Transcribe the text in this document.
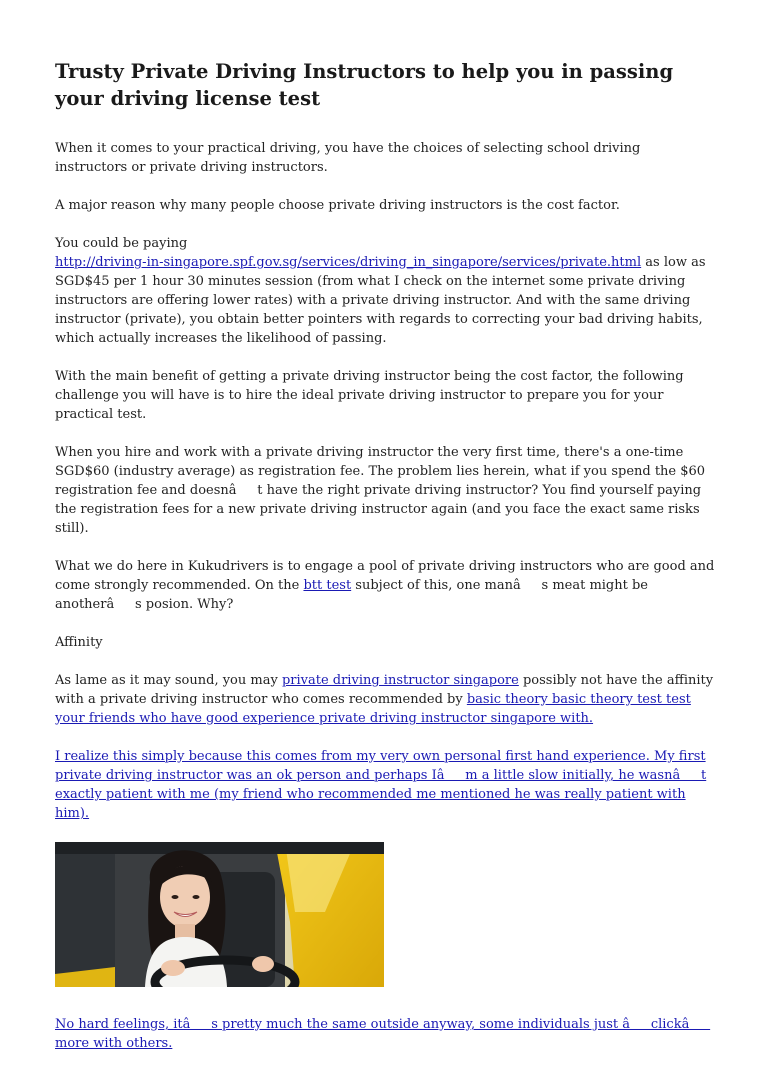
Trusty Private Driving Instructors to help you in passing your driving license test

When it comes to your practical driving, you have the choices of selecting school driving instructors or private driving instructors.

A major reason why many people choose private driving instructors is the cost factor.

You could be paying
http://driving-in-singapore.spf.gov.sg/services/driving_in_singapore/services/private.html as low as SGD$45 per 1 hour 30 minutes session (from what I check on the internet some private driving instructors are offering lower rates) with a private driving instructor. And with the same driving instructor (private), you obtain better pointers with regards to correcting your bad driving habits, which actually increases the likelihood of passing.

With the main benefit of getting a private driving instructor being the cost factor, the following challenge you will have is to hire the ideal private driving instructor to prepare you for your practical test.

When you hire and work with a private driving instructor the very first time, there's a one-time SGD$60 (industry average) as registration fee. The problem lies herein, what if you spend the $60 registration fee and doesnât have the right private driving instructor? You find yourself paying the registration fees for a new private driving instructor again (and you face the exact same risks still).

What we do here in Kukudrivers is to engage a pool of private driving instructors who are good and come strongly recommended. On the btt test subject of this, one manâs meat might be anotherâs posion. Why?

Affinity

As lame as it may sound, you may private driving instructor singapore possibly not have the affinity with a private driving instructor who comes recommended by basic theory basic theory test test your friends who have good experience private driving instructor singapore with.

I realize this simply because this comes from my very own personal first hand experience. My first private driving instructor was an ok person and perhaps Iâm a little slow initially, he wasnât exactly patient with me (my friend who recommended me mentioned he was really patient with him).

No hard feelings, itâs pretty much the same outside anyway, some individuals just âclickâ more with others.
